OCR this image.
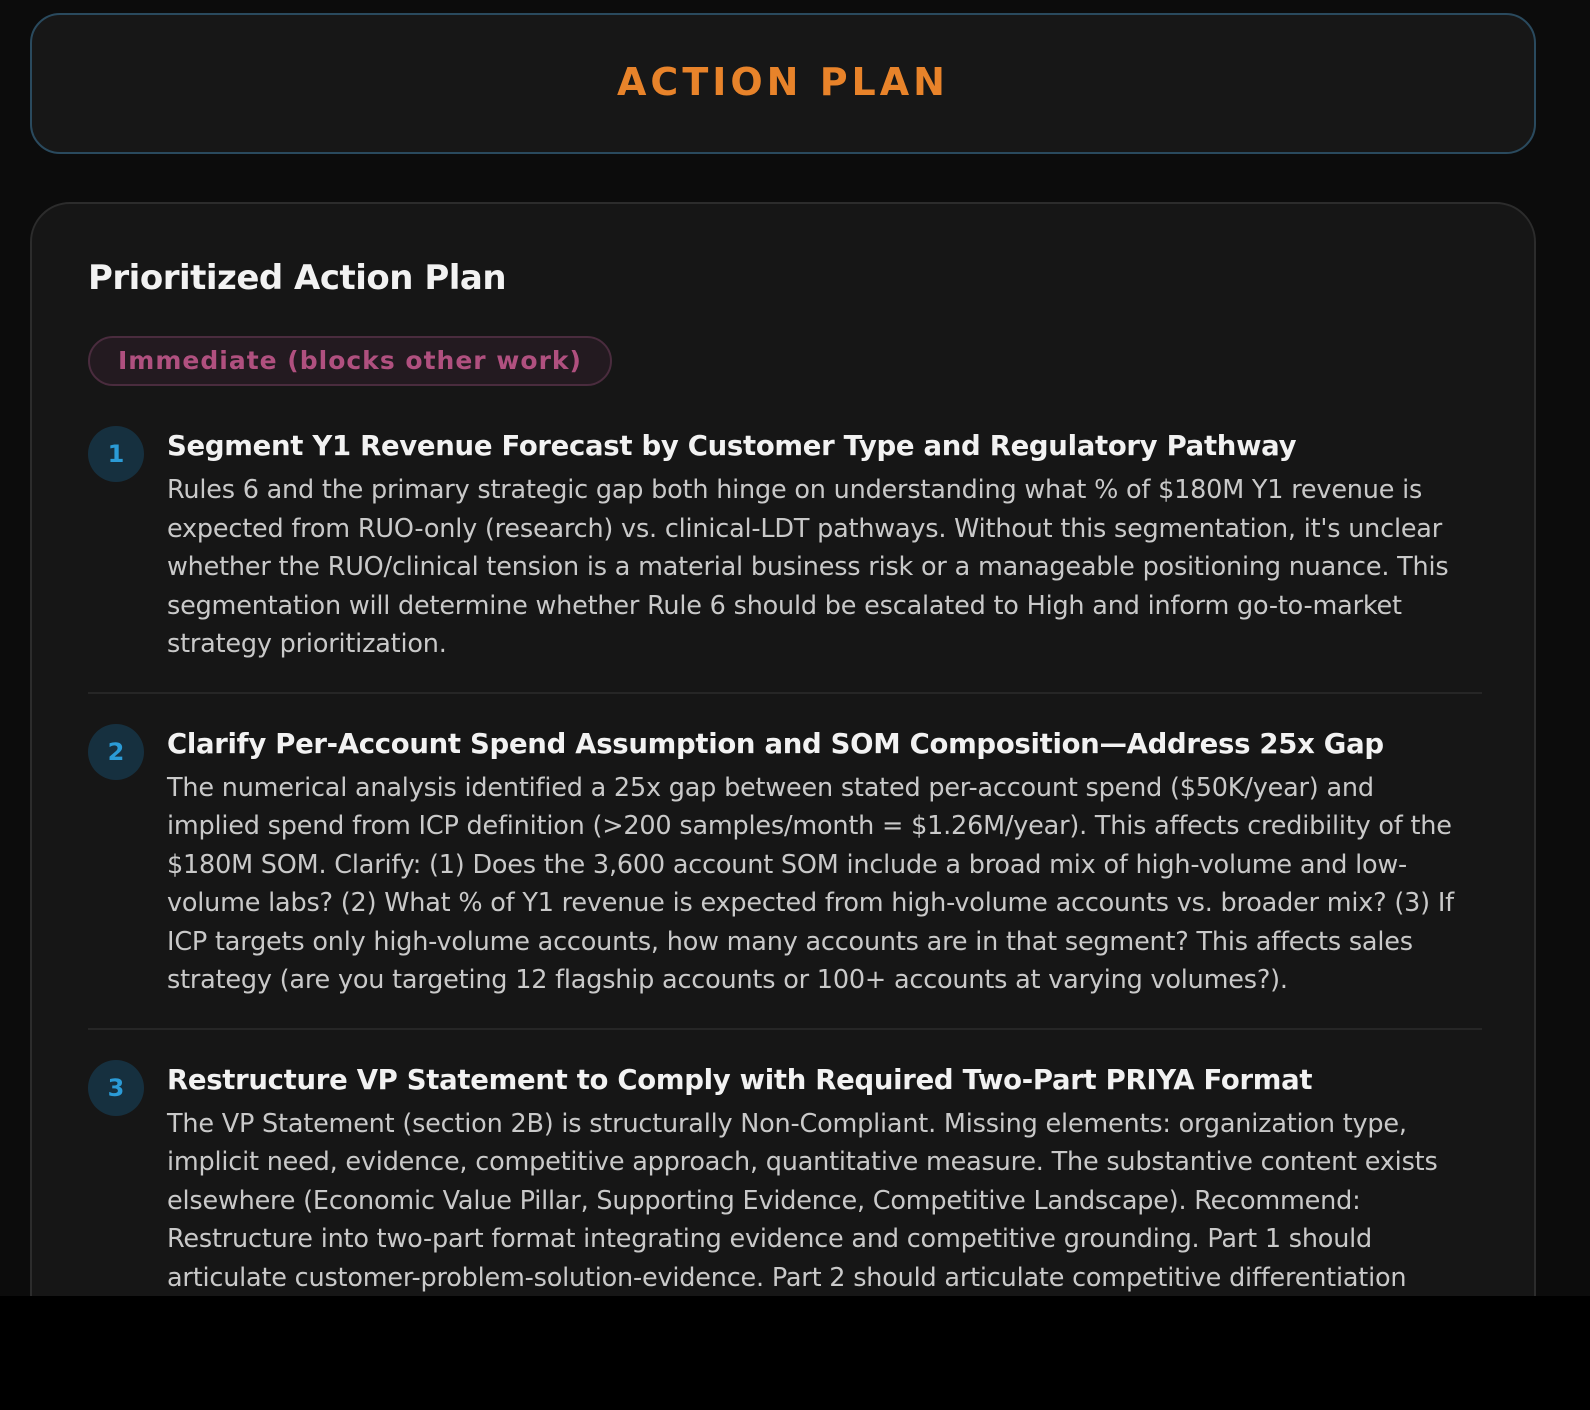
ACTION PLAN
Prioritized Action Plan
Immediate (blocks other work)
1	Segment Y1 Revenue Forecast by Customer Type and Regulatory Pathway
Rules 6 and the primary strategic gap both hinge on understanding what % of $180M Y1 revenue is expected from RUO-only (research) vs. clinical-LDT pathways. Without this segmentation, it's unclear whether the RUO/clinical tension is a material business risk or a manageable positioning nuance. This segmentation will determine whether Rule 6 should be escalated to High and inform go-to-market strategy prioritization.
2	Clarify Per-Account Spend Assumption and SOM Composition—Address 25x Gap
The numerical analysis identified a 25x gap between stated per-account spend ($50K/year) and implied spend from ICP definition (>200 samples/month = $1.26M/year). This affects credibility of the $180M SOM. Clarify: (1) Does the 3,600 account SOM include a broad mix of high-volume and low-volume labs? (2) What % of Y1 revenue is expected from high-volume accounts vs. broader mix? (3) If ICP targets only high-volume accounts, how many accounts are in that segment? This affects sales strategy (are you targeting 12 flagship accounts or 100+ accounts at varying volumes?).
3	Restructure VP Statement to Comply with Required Two-Part PRIYA Format
The VP Statement (section 2B) is structurally Non-Compliant. Missing elements: organization type, implicit need, evidence, competitive approach, quantitative measure. The substantive content exists elsewhere (Economic Value Pillar, Supporting Evidence, Competitive Landscape). Recommend: Restructure into two-part format integrating evidence and competitive grounding. Part 1 should articulate customer-problem-solution-evidence. Part 2 should articulate competitive differentiation
